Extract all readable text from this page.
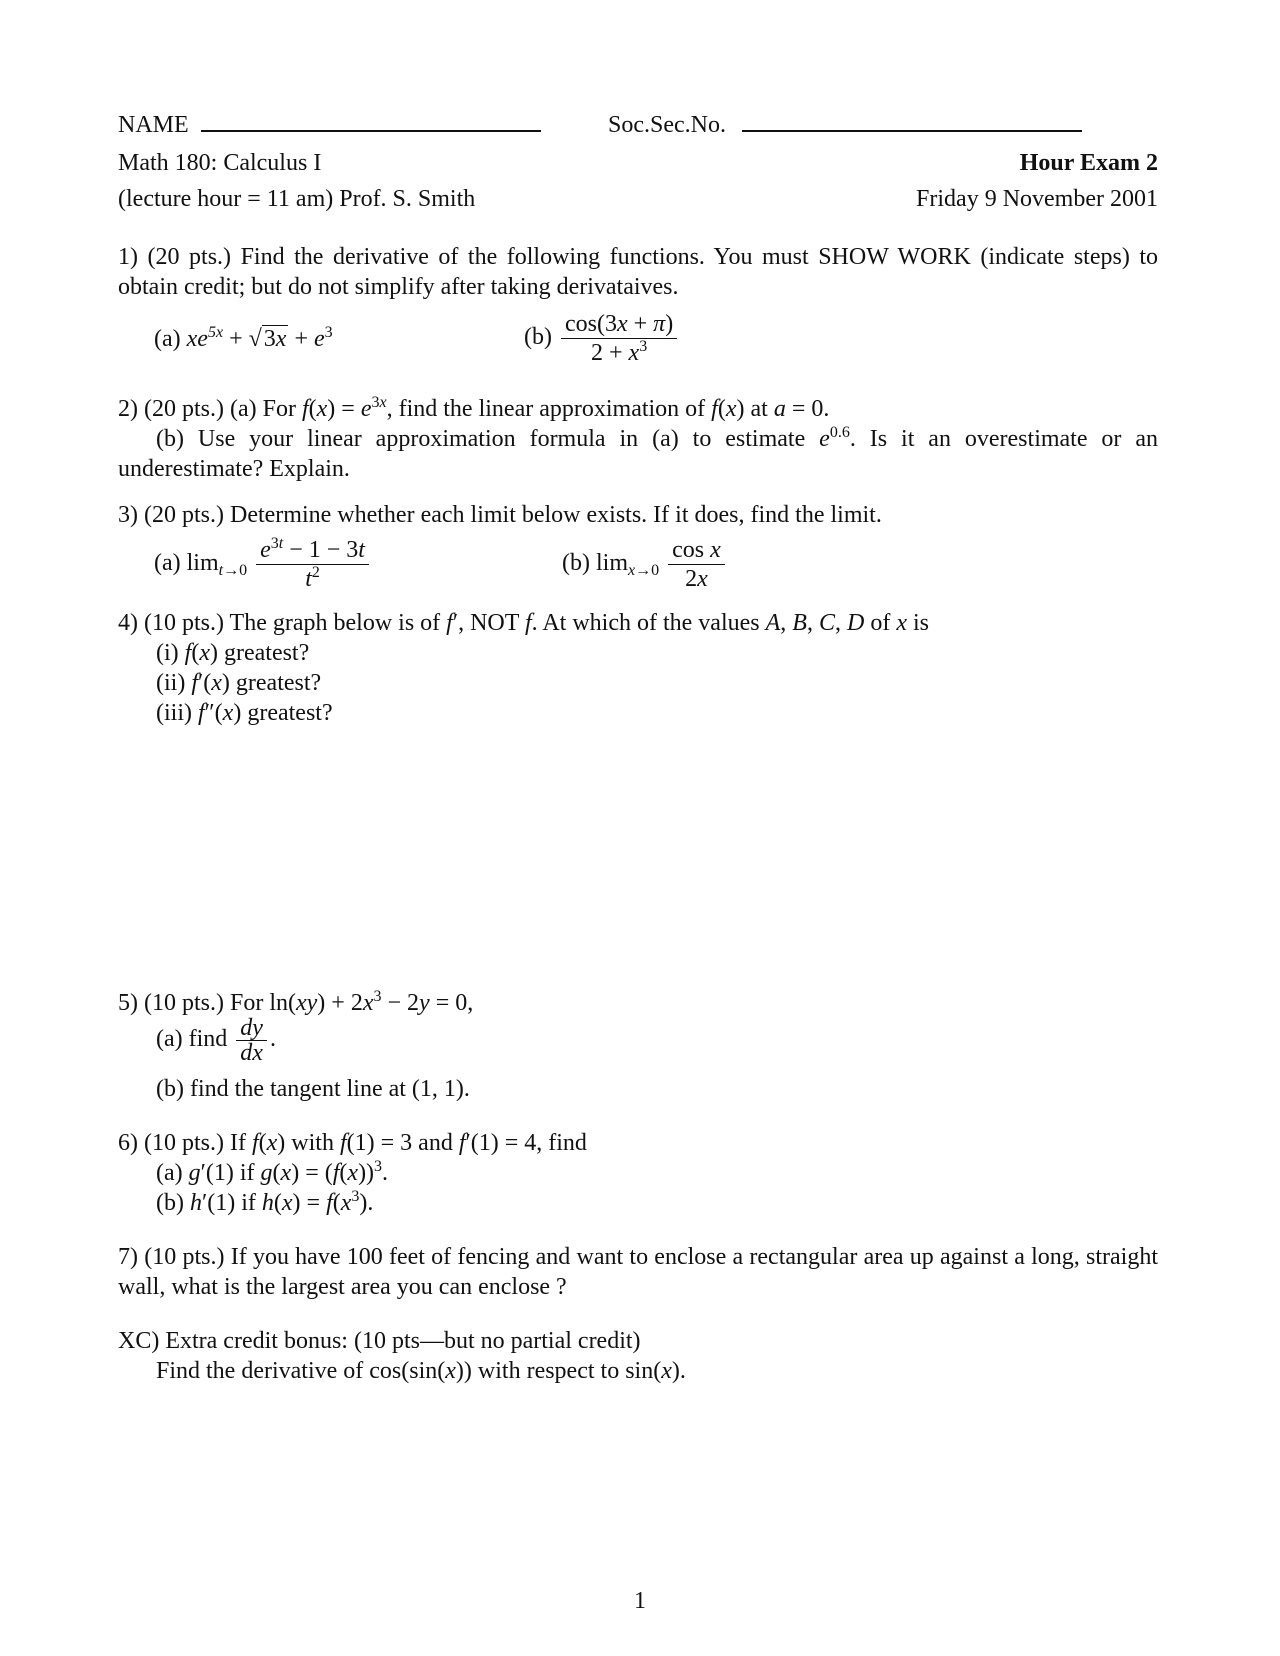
NAME	Soc.Sec.No.
Math 180: Calculus I	Hour Exam 2
(lecture hour = 11 am) Prof. S. Smith	Friday 9 November 2001
1) (20 pts.) Find the derivative of the following functions. You must SHOW WORK (indicate steps) to obtain credit; but do not simplify after taking derivataives.
(a) $xe^{5x} + √3x + e^3$	$(b) \frac{\cos(3x + \pi)}{2 + x^3}$
2) (20 pts.) (a) For $f(x) = e^{3x}$, find the linear approximation of f(x) at a = 0.
(b) Use your linear approximation formula in (a) to estimate $e^{0.6}$. Is it an overestimate or an underestimate? Explain.
3) (20 pts.) Determine whether each limit below exists. If it does, find the limit.
(a) $\lim_{t\to 0} \frac{e^{3t} - 1 - 3t}{t^2}$	(b) $\lim_{x\to 0} \frac{\text{cos x}}{2x}$
4) (10 pts.) The graph below is of f′, NOT f. At which of the values A, B, C, D of x is
(i) f(x) greatest?
(ii) f′(x) greatest?
(iii) f″(x) greatest?
5) (10 pts.) For $\ln(xy) + 2x^3 - 2y = 0$,
(a) find $\frac{dy}{dx}$ .
(b) find the tangent line at (1, 1).
6) (10 pts.) If f(x) with f(1) = 3 and f′(1) = 4, find
(a) g′(1) if $g(x) = (f(x))^3$.
(b) h′(1) if $h(x) = f(x^3)$.
7) (10 pts.) If you have 100 feet of fencing and want to enclose a rectangular area up against a long, straight wall, what is the largest area you can enclose ?
XC) Extra credit bonus: (10 pts—but no partial credit)
Find the derivative of cos(sin(x)) with respect to sin(x).
1
